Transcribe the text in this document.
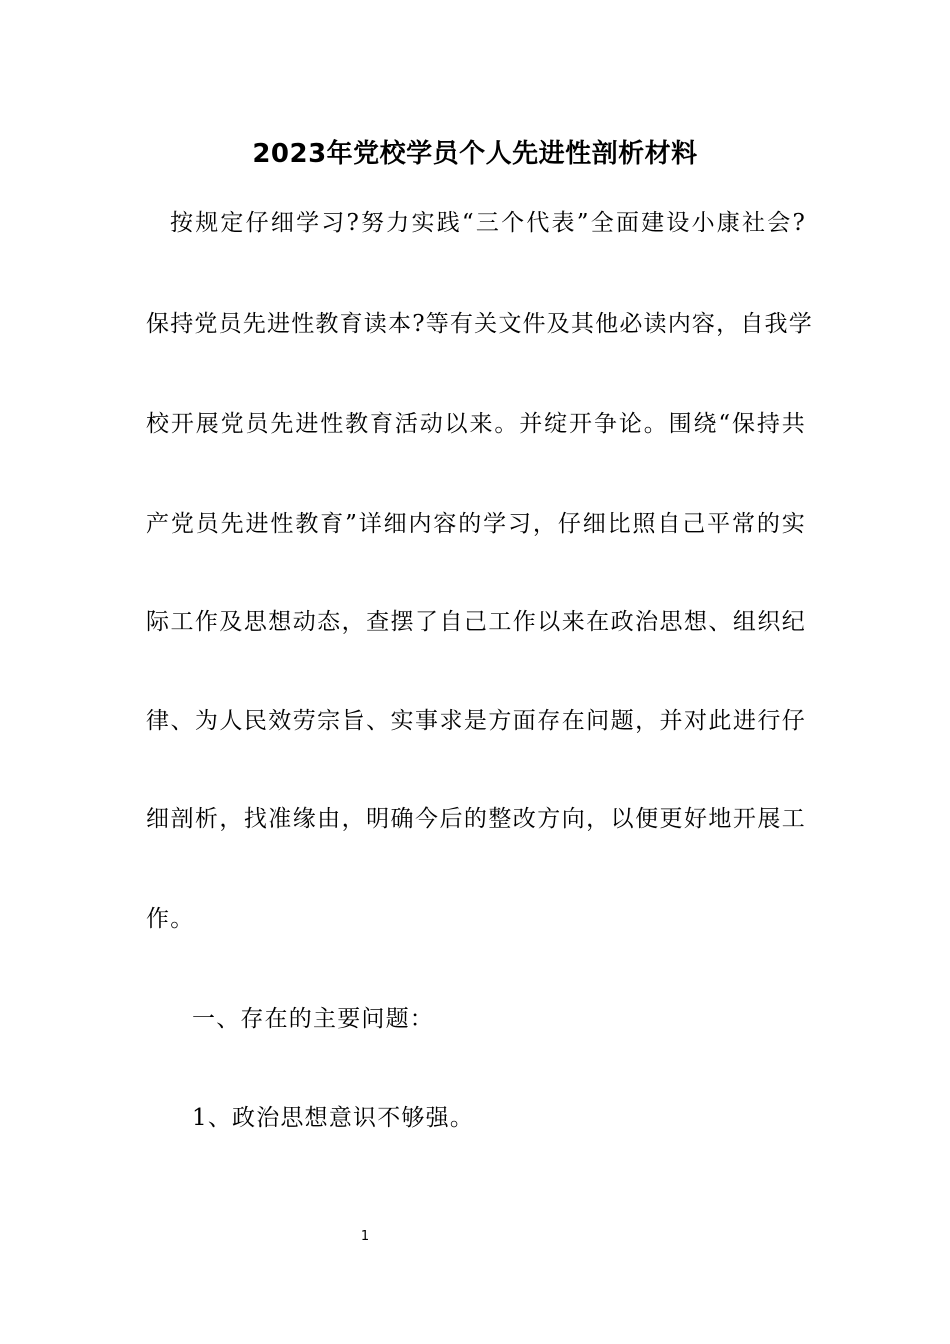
2023年党校学员个人先进性剖析材料
按规定仔细学习?努力实践“三个代表”全面建设小康社会?
保持党员先进性教育读本?等有关文件及其他必读内容，自我学
校开展党员先进性教育活动以来。并绽开争论。围绕“保持共
产党员先进性教育”详细内容的学习，仔细比照自己平常的实
际工作及思想动态，查摆了自己工作以来在政治思想、组织纪
律、为人民效劳宗旨、实事求是方面存在问题，并对此进行仔
细剖析，找准缘由，明确今后的整改方向，以便更好地开展工
作。
一、存在的主要问题：
1、政治思想意识不够强。
1
